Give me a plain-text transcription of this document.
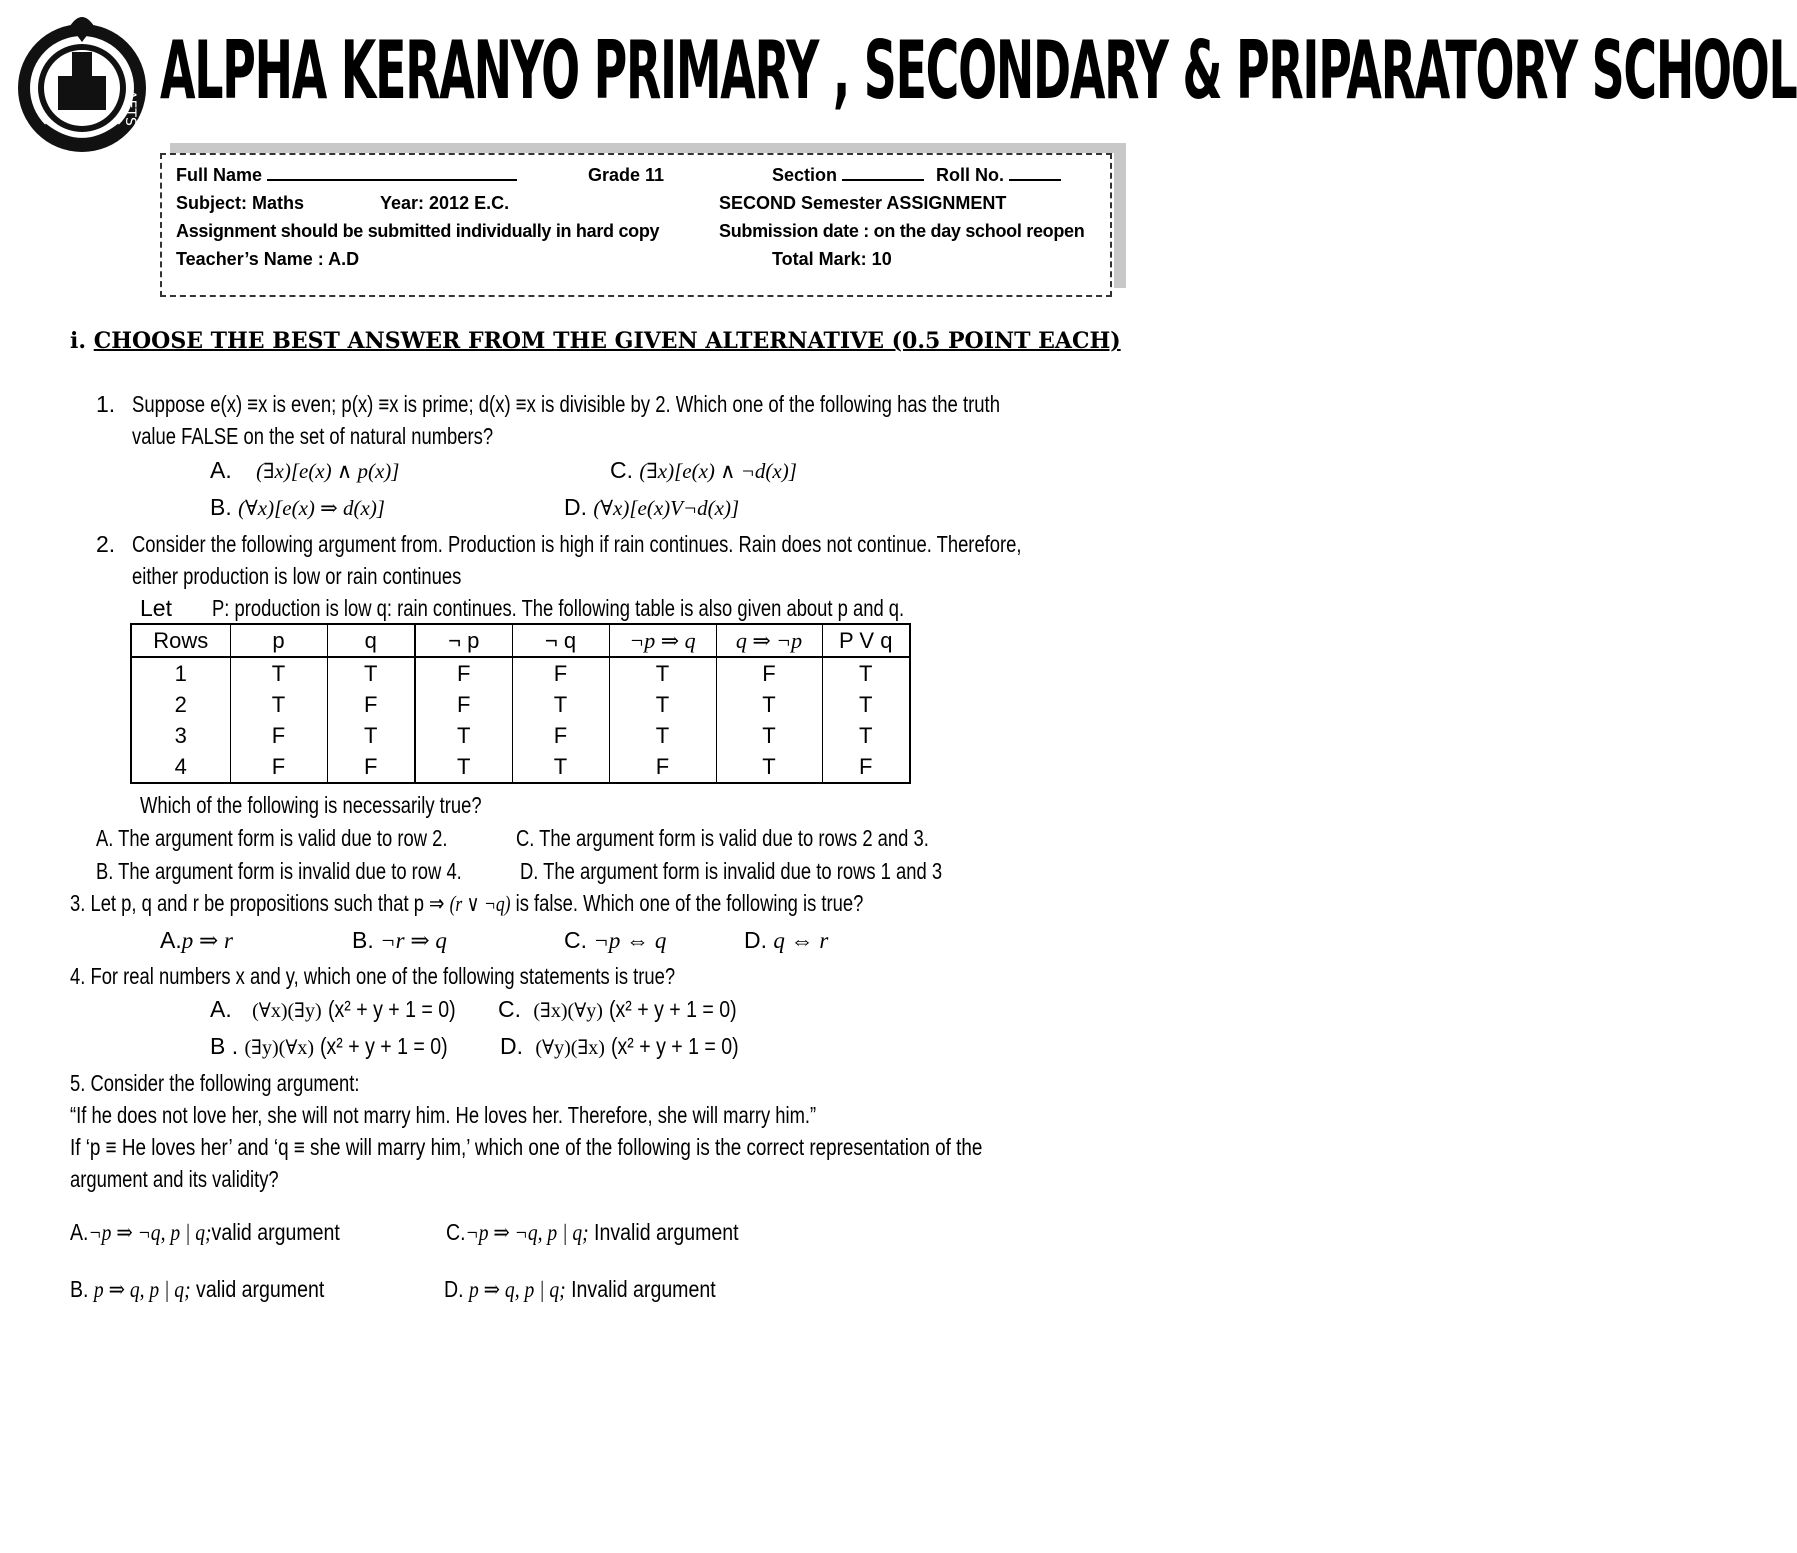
AETS ALPHA KERANYO PRIMARY , SECONDARY & PRIPARATORY SCHOOL
Full Name	Grade 11	Section	Roll No.
Subject: Maths	Year: 2012 E.C.	SECOND Semester ASSIGNMENT
Assignment should be submitted individually in hard copy	Submission date : on the day school reopen
Teacher’s Name : A.D	Total Mark: 10
i. CHOOSE THE BEST ANSWER FROM THE GIVEN ALTERNATIVE (0.5 POINT EACH)
1. Suppose e(x) ≡x is even; p(x) ≡x is prime; d(x) ≡x is divisible by 2. Which one of the following has the truth
value FALSE on the set of natural numbers?
A. (∃x)[e(x) ∧ p(x)]	C. (∃x)[e(x) ∧ ¬d(x)]
B. (∀x)[e(x) ⇒ d(x)]	D. (∀x)[e(x)V¬d(x)]
2. Consider the following argument from. Production is high if rain continues. Rain does not continue. Therefore,
either production is low or rain continues
Let P: production is low q: rain continues. The following table is also given about p and q.
Rows	p	q	¬ p	¬ q	¬p ⇒ q	q ⇒ ¬p	P V q
1	T	T	F	F	T	F	T
2	T	F	F	T	T	T	T
3	F	T	T	F	T	T	T
4	F	F	T	T	F	T	F
Which of the following is necessarily true?
A. The argument form is valid due to row 2.	C. The argument form is valid due to rows 2 and 3.
B. The argument form is invalid due to row 4.	D. The argument form is invalid due to rows 1 and 3
3. Let p, q and r be propositions such that p ⇒ (r ∨ ¬q) is false. Which one of the following is true?
A.p ⇒ r	B. ¬r ⇒ q	C. ¬p ⇔ q	D. q ⇔ r
4. For real numbers x and y, which one of the following statements is true?
A. (∀x)(∃y) (x² + y + 1 = 0)	C. (∃x)(∀y) (x² + y + 1 = 0)
B . (∃y)(∀x) (x² + y + 1 = 0)	D. (∀y)(∃x) (x² + y + 1 = 0)
5. Consider the following argument:
“If he does not love her, she will not marry him. He loves her. Therefore, she will marry him.”
If ‘p ≡ He loves her’ and ‘q ≡ she will marry him,’ which one of the following is the correct representation of the
argument and its validity?
A.¬p ⇒ ¬q, p | q;valid argument	C.¬p ⇒ ¬q, p | q; Invalid argument
B. p ⇒ q, p | q; valid argument	D. p ⇒ q, p | q; Invalid argument
